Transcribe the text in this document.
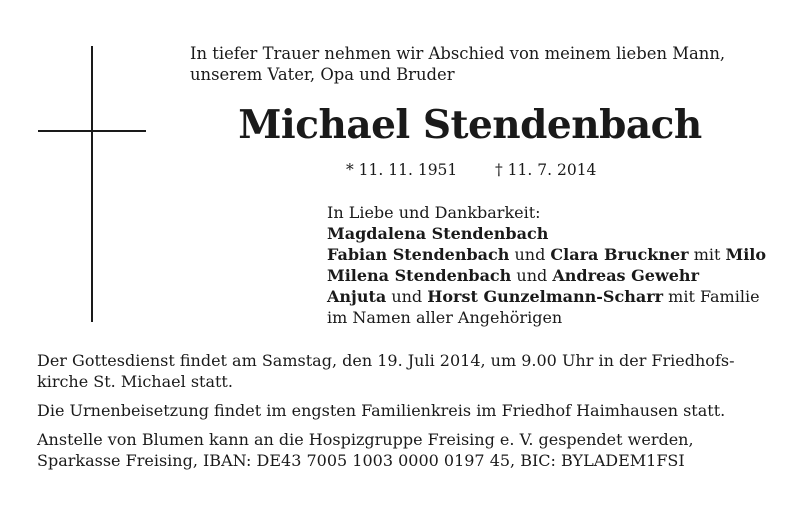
In tiefer Trauer nehmen wir Abschied von meinem lieben Mann,
unserem Vater, Opa und Bruder
Michael Stendenbach
* 11. 11. 1951 † 11. 7. 2014
In Liebe und Dankbarkeit:
Magdalena Stendenbach
Fabian Stendenbach und Clara Bruckner mit Milo
Milena Stendenbach und Andreas Gewehr
Anjuta und Horst Gunzelmann-Scharr mit Familie
im Namen aller Angehörigen
Der Gottesdienst findet am Samstag, den 19. Juli 2014, um 9.00 Uhr in der Friedhofs-
kirche St. Michael statt.
Die Urnenbeisetzung findet im engsten Familienkreis im Friedhof Haimhausen statt.
Anstelle von Blumen kann an die Hospizgruppe Freising e. V. gespendet werden,
Sparkasse Freising, IBAN: DE43 7005 1003 0000 0197 45, BIC: BYLADEM1FSI
